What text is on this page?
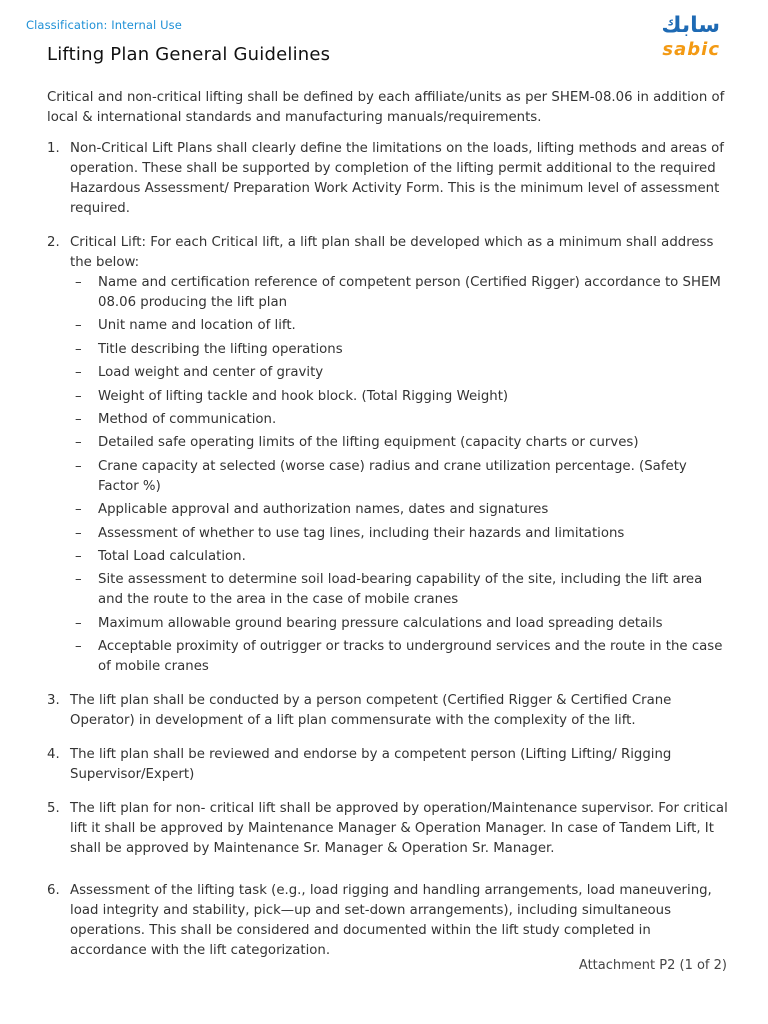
Classification: Internal Use	سابك
sabic
Lifting Plan General Guidelines

Critical and non-critical lifting shall be defined by each affiliate/units as per SHEM-08.06 in addition of local & international standards and manufacturing manuals/requirements.

1. Non-Critical Lift Plans shall clearly define the limitations on the loads, lifting methods and areas of operation. These shall be supported by completion of the lifting permit additional to the required Hazardous Assessment/ Preparation Work Activity Form. This is the minimum level of assessment required.
2. Critical Lift: For each Critical lift, a lift plan shall be developed which as a minimum shall address the below:
– Name and certification reference of competent person (Certified Rigger) accordance to SHEM 08.06 producing the lift plan
– Unit name and location of lift.
– Title describing the lifting operations
– Load weight and center of gravity
– Weight of lifting tackle and hook block. (Total Rigging Weight)
– Method of communication.
– Detailed safe operating limits of the lifting equipment (capacity charts or curves)
– Crane capacity at selected (worse case) radius and crane utilization percentage. (Safety Factor %)
– Applicable approval and authorization names, dates and signatures
– Assessment of whether to use tag lines, including their hazards and limitations
– Total Load calculation.
– Site assessment to determine soil load-bearing capability of the site, including the lift area and the route to the area in the case of mobile cranes
– Maximum allowable ground bearing pressure calculations and load spreading details
– Acceptable proximity of outrigger or tracks to underground services and the route in the case of mobile cranes
3. The lift plan shall be conducted by a person competent (Certified Rigger & Certified Crane Operator) in development of a lift plan commensurate with the complexity of the lift.
4. The lift plan shall be reviewed and endorse by a competent person (Lifting Lifting/ Rigging Supervisor/Expert)
5. The lift plan for non- critical lift shall be approved by operation/Maintenance supervisor. For critical lift it shall be approved by Maintenance Manager & Operation Manager. In case of Tandem Lift, It shall be approved by Maintenance Sr. Manager & Operation Sr. Manager.
6. Assessment of the lifting task (e.g., load rigging and handling arrangements, load maneuvering, load integrity and stability, pick—up and set-down arrangements), including simultaneous operations. This shall be considered and documented within the lift study completed in accordance with the lift categorization.
Attachment P2 (1 of 2)
